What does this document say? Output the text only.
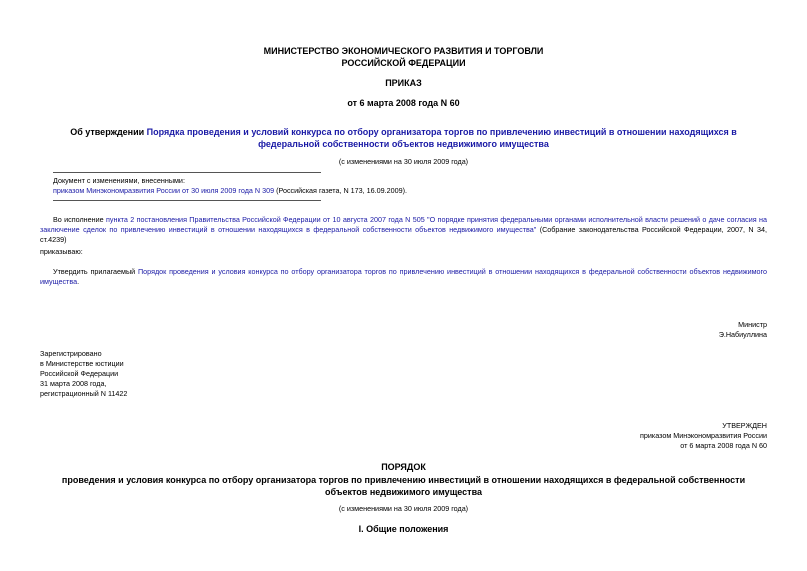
МИНИСТЕРСТВО ЭКОНОМИЧЕСКОГО РАЗВИТИЯ И ТОРГОВЛИ
РОССИЙСКОЙ ФЕДЕРАЦИИ
ПРИКАЗ
от 6 марта 2008 года N 60
Об утверждении Порядка проведения и условий конкурса по отбору организатора торгов по привлечению инвестиций в отношении находящихся в федеральной собственности объектов недвижимого имущества
(с изменениями на 30 июля 2009 года)
Документ с изменениями, внесенными:
приказом Минэкономразвития России от 30 июля 2009 года N 309 (Российская газета, N 173, 16.09.2009).
Во исполнение пункта 2 постановления Правительства Российской Федерации от 10 августа 2007 года N 505 "О порядке принятия федеральными органами исполнительной власти решений о даче согласия на заключение сделок по привлечению инвестиций в отношении находящихся в федеральной собственности объектов недвижимого имущества" (Собрание законодательства Российской Федерации, 2007, N 34, ст.4239)
приказываю:
Утвердить прилагаемый Порядок проведения и условия конкурса по отбору организатора торгов по привлечению инвестиций в отношении находящихся в федеральной собственности объектов недвижимого имущества.
Министр
Э.Набиуллина
Зарегистрировано
в Министерстве юстиции
Российской Федерации
31 марта 2008 года,
регистрационный N 11422
УТВЕРЖДЕН
приказом Минэкономразвития России
от 6 марта 2008 года N 60
ПОРЯДОК
проведения и условия конкурса по отбору организатора торгов по привлечению инвестиций в отношении находящихся в федеральной собственности объектов недвижимого имущества
(с изменениями на 30 июля 2009 года)
I. Общие положения
